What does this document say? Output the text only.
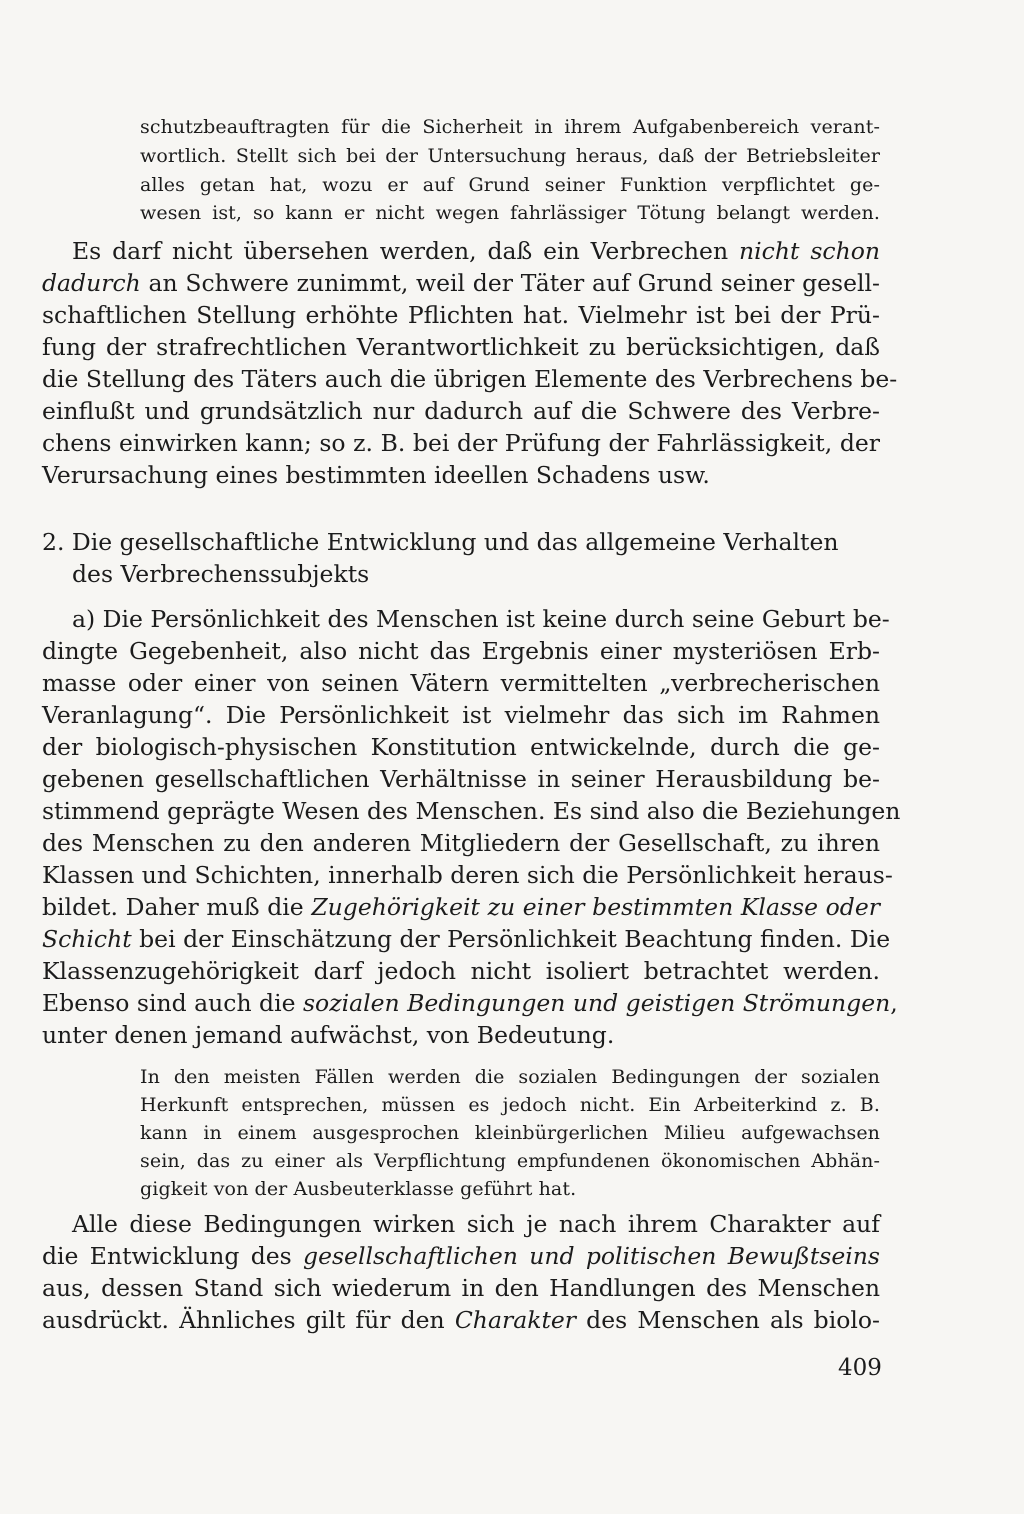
schutzbeauftragten für die Sicherheit in ihrem Aufgabenbereich verant-

wortlich. Stellt sich bei der Untersuchung heraus, daß der Betriebsleiter

alles getan hat, wozu er auf Grund seiner Funktion verpflichtet ge-

wesen ist, so kann er nicht wegen fahrlässiger Tötung belangt werden.

Es darf nicht übersehen werden, daß ein Verbrechen nicht schon

dadurch an Schwere zunimmt, weil der Täter auf Grund seiner gesell-

schaftlichen Stellung erhöhte Pflichten hat. Vielmehr ist bei der Prü-

fung der strafrechtlichen Verantwortlichkeit zu berücksichtigen, daß

die Stellung des Täters auch die übrigen Elemente des Verbrechens be-

einflußt und grundsätzlich nur dadurch auf die Schwere des Verbre-

chens einwirken kann; so z. B. bei der Prüfung der Fahrlässigkeit, der

Verursachung eines bestimmten ideellen Schadens usw.

2. Die gesellschaftliche Entwicklung und das allgemeine Verhalten

des Verbrechenssubjekts

a) Die Persönlichkeit des Menschen ist keine durch seine Geburt be-

dingte Gegebenheit, also nicht das Ergebnis einer mysteriösen Erb-

masse oder einer von seinen Vätern vermittelten „verbrecherischen

Veranlagung“. Die Persönlichkeit ist vielmehr das sich im Rahmen

der biologisch-physischen Konstitution entwickelnde, durch die ge-

gebenen gesellschaftlichen Verhältnisse in seiner Herausbildung be-

stimmend geprägte Wesen des Menschen. Es sind also die Beziehungen

des Menschen zu den anderen Mitgliedern der Gesellschaft, zu ihren

Klassen und Schichten, innerhalb deren sich die Persönlichkeit heraus-

bildet. Daher muß die Zugehörigkeit zu einer bestimmten Klasse oder

Schicht bei der Einschätzung der Persönlichkeit Beachtung finden. Die

Klassenzugehörigkeit darf jedoch nicht isoliert betrachtet werden.

Ebenso sind auch die sozialen Bedingungen und geistigen Strömungen,

unter denen jemand aufwächst, von Bedeutung.

In den meisten Fällen werden die sozialen Bedingungen der sozialen

Herkunft entsprechen, müssen es jedoch nicht. Ein Arbeiterkind z. B.

kann in einem ausgesprochen kleinbürgerlichen Milieu aufgewachsen

sein, das zu einer als Verpflichtung empfundenen ökonomischen Abhän-

gigkeit von der Ausbeuterklasse geführt hat.

Alle diese Bedingungen wirken sich je nach ihrem Charakter auf

die Entwicklung des gesellschaftlichen und politischen Bewußtseins

aus, dessen Stand sich wiederum in den Handlungen des Menschen

ausdrückt. Ähnliches gilt für den Charakter des Menschen als biolo-

409
